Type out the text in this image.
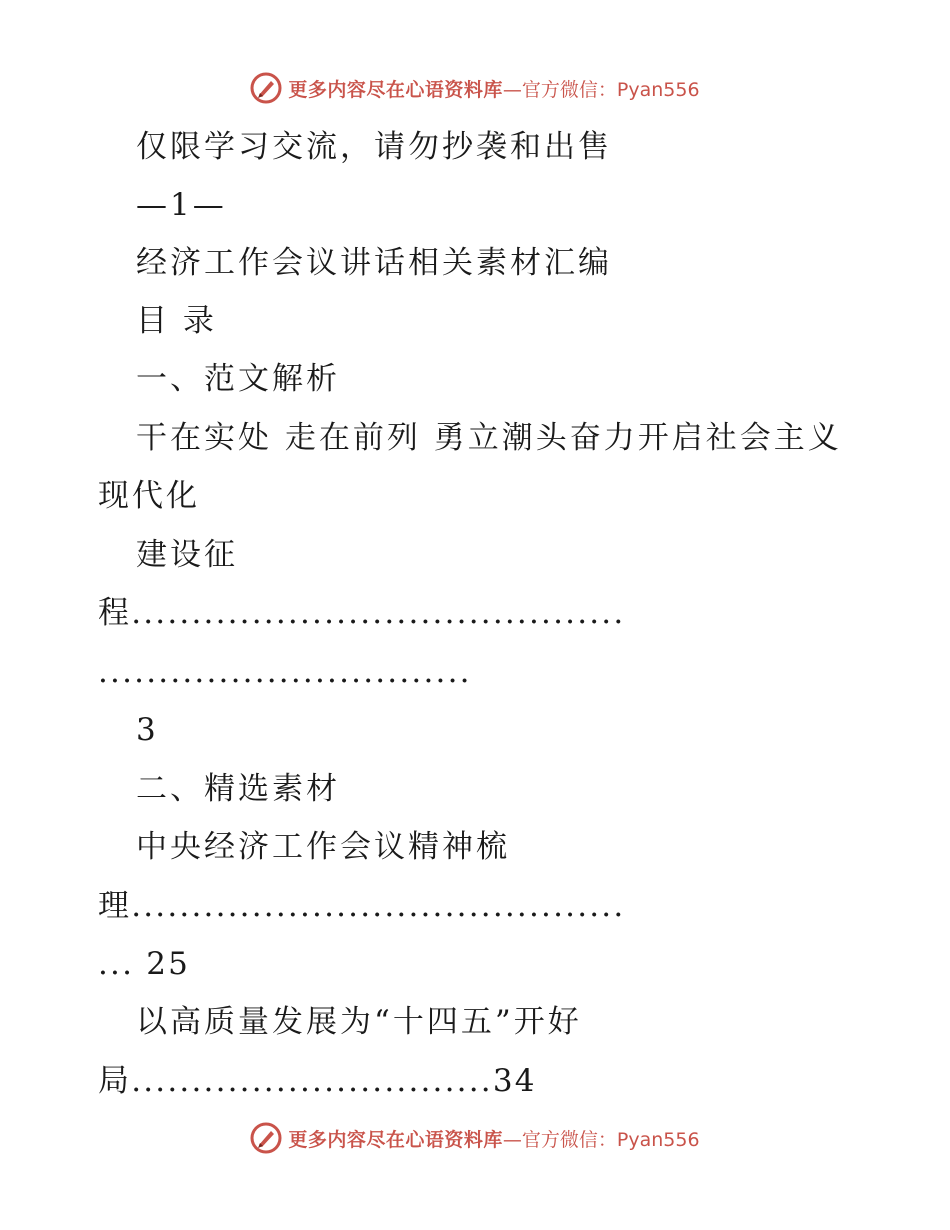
更多内容尽在心语资料库 —官方微信：Pyan556
仅限学习交流，请勿抄袭和出售
—1—
经济工作会议讲话相关素材汇编
目 录
一、范文解析
干在实处 走在前列 勇立潮头奋力开启社会主义
现代化
建设征
程.........................................
...............................
3
二、精选素材
中央经济工作会议精神梳
理.........................................
... 25
以高质量发展为“十四五”开好
局..............................34
更多内容尽在心语资料库 —官方微信：Pyan556
